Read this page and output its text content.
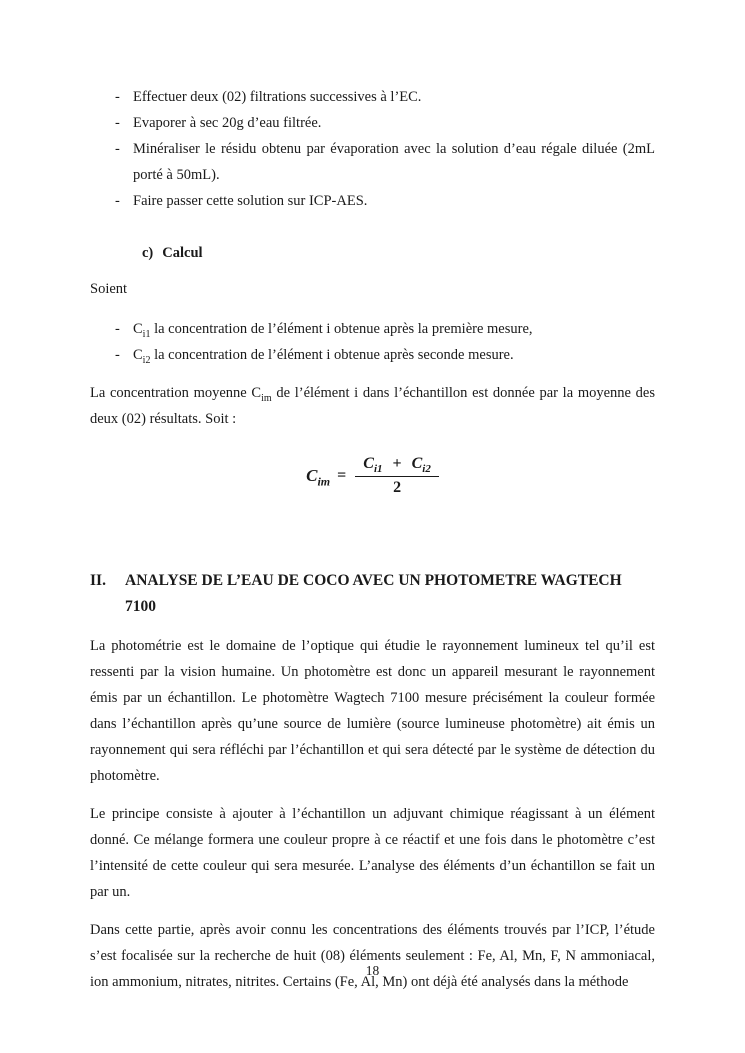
- Effectuer deux (02) filtrations successives à l’EC.
- Evaporer à sec 20g d’eau filtrée.
- Minéraliser le résidu obtenu par évaporation avec la solution d’eau régale diluée (2mL porté à 50mL).
- Faire passer cette solution sur ICP-AES.
c) Calcul
Soient
- $C_{i1}$ la concentration de l’élément i obtenue après la première mesure,
- $C_{i2}$ la concentration de l’élément i obtenue après seconde mesure.
La concentration moyenne $C_{im}$ de l’élément i dans l’échantillon est donnée par la moyenne des deux (02) résultats. Soit :
$C_{im} = \frac{C_{i1} + C_{i2}}{2}$
II.	ANALYSE DE L’EAU DE COCO AVEC UN PHOTOMETRE WAGTECH 7100
La photométrie est le domaine de l’optique qui étudie le rayonnement lumineux tel qu’il est ressenti par la vision humaine. Un photomètre est donc un appareil mesurant le rayonnement émis par un échantillon. Le photomètre Wagtech 7100 mesure précisément la couleur formée dans l’échantillon après qu’une source de lumière (source lumineuse photomètre) ait émis un rayonnement qui sera réfléchi par l’échantillon et qui sera détecté par le système de détection du photomètre.
Le principe consiste à ajouter à l’échantillon un adjuvant chimique réagissant à un élément donné. Ce mélange formera une couleur propre à ce réactif et une fois dans le photomètre c’est l’intensité de cette couleur qui sera mesurée. L’analyse des éléments d’un échantillon se fait un par un.
Dans cette partie, après avoir connu les concentrations des éléments trouvés par l’ICP, l’étude s’est focalisée sur la recherche de huit (08) éléments seulement : Fe, Al, Mn, F, N ammoniacal, ion ammonium, nitrates, nitrites. Certains (Fe, Al, Mn) ont déjà été analysés dans la méthode
18
